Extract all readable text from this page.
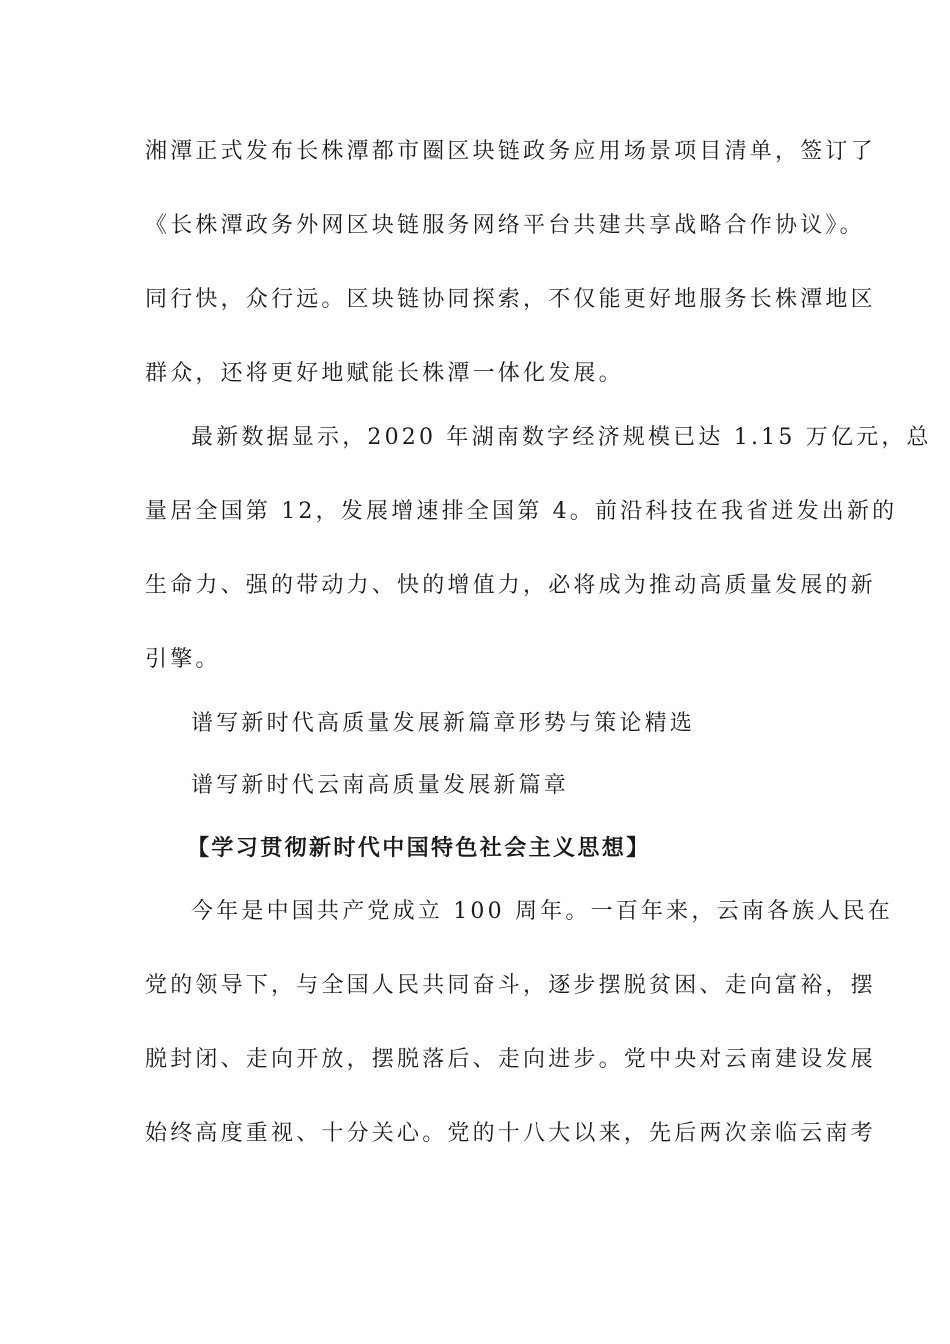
湘潭正式发布长株潭都市圈区块链政务应用场景项目清单，签订了
《长株潭政务外网区块链服务网络平台共建共享战略合作协议》。
同行快，众行远。区块链协同探索，不仅能更好地服务长株潭地区
群众，还将更好地赋能长株潭一体化发展。
最新数据显示，2020 年湖南数字经济规模已达 1.15 万亿元，总
量居全国第 12，发展增速排全国第 4。前沿科技在我省迸发出新的
生命力、强的带动力、快的增值力，必将成为推动高质量发展的新
引擎。
谱写新时代高质量发展新篇章形势与策论精选
谱写新时代云南高质量发展新篇章
【学习贯彻新时代中国特色社会主义思想】
今年是中国共产党成立 100 周年。一百年来，云南各族人民在
党的领导下，与全国人民共同奋斗，逐步摆脱贫困、走向富裕，摆
脱封闭、走向开放，摆脱落后、走向进步。党中央对云南建设发展
始终高度重视、十分关心。党的十八大以来，先后两次亲临云南考
